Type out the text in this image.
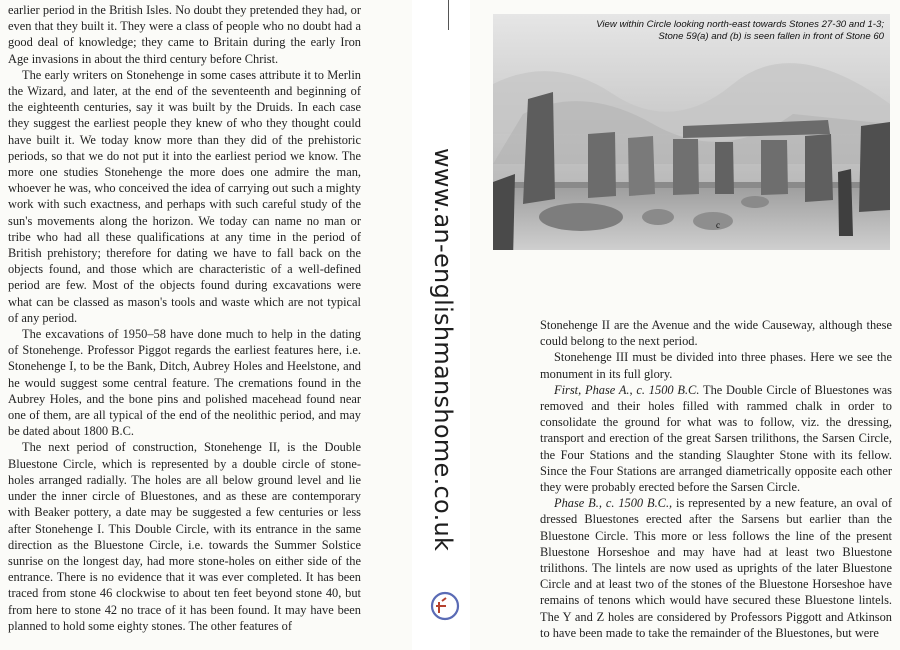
earlier period in the British Isles. No doubt they pretended they had, or even that they built it. They were a class of people who no doubt had a good deal of knowledge; they came to Britain during the early Iron Age invasions in about the third century before Christ.

The early writers on Stonehenge in some cases attribute it to Merlin the Wizard, and later, at the end of the seventeenth and beginning of the eighteenth centuries, say it was built by the Druids. In each case they suggest the earliest people they knew of who they thought could have built it. We today know more than they did of the prehistoric periods, so that we do not put it into the earliest period we know. The more one studies Stonehenge the more does one admire the man, whoever he was, who conceived the idea of carrying out such a mighty work with such exactness, and perhaps with such careful study of the sun's movements along the horizon. We today can name no man or tribe who had all these qualifications at any time in the period of British prehistory; therefore for dating we have to fall back on the objects found, and those which are characteristic of a well-defined period are few. Most of the objects found during excavations were what can be classed as mason's tools and waste which are not typical of any period.

The excavations of 1950–58 have done much to help in the dating of Stonehenge. Professor Piggot regards the earliest features here, i.e. Stonehenge I, to be the Bank, Ditch, Aubrey Holes and Heelstone, and he would suggest some central feature. The cremations found in the Aubrey Holes, and the bone pins and polished macehead found near one of them, are all typical of the end of the neolithic period, and may be dated about 1800 B.C.

The next period of construction, Stonehenge II, is the Double Bluestone Circle, which is represented by a double circle of stone-holes arranged radially. The holes are all below ground level and lie under the inner circle of Bluestones, and as these are contemporary with Beaker pottery, a date may be suggested a few centuries or less after Stonehenge I. This Double Circle, with its entrance in the same direction as the Bluestone Circle, i.e. towards the Summer Solstice sunrise on the longest day, had more stone-holes on either side of the entrance. There is no evidence that it was ever completed. It has been traced from stone 46 clockwise to about ten feet beyond stone 40, but from here to stone 42 no trace of it has been found. It may have been planned to hold some eighty stones. The other features of

Stonehenge II are the Avenue and the wide Causeway, although these could belong to the next period.

Stonehenge III must be divided into three phases. Here we see the monument in its full glory.

First, Phase A., c. 1500 B.C. The Double Circle of Bluestones was removed and their holes filled with rammed chalk in order to consolidate the ground for what was to follow, viz. the dressing, transport and erection of the great Sarsen trilithons, the Sarsen Circle, the Four Stations and the standing Slaughter Stone with its fellow. Since the Four Stations are arranged diametrically opposite each other they were probably erected before the Sarsen Circle.

Phase B., c. 1500 B.C., is represented by a new feature, an oval of dressed Bluestones erected after the Sarsens but earlier than the Bluestone Circle. This more or less follows the line of the present Bluestone Horseshoe and may have had at least two Bluestone trilithons. The lintels are now used as uprights of the later Bluestone Circle and at least two of the stones of the Bluestone Horseshoe have remains of tenons which would have secured these Bluestone lintels. The Y and Z holes are considered by Professors Piggott and Atkinson to have been made to take the remainder of the Bluestones, but were

c
View within Circle looking north-east towards Stones 27-30 and 1-3;
Stone 59(a) and (b) is seen fallen in front of Stone 60
www.an-englishmanshome.co.uk
